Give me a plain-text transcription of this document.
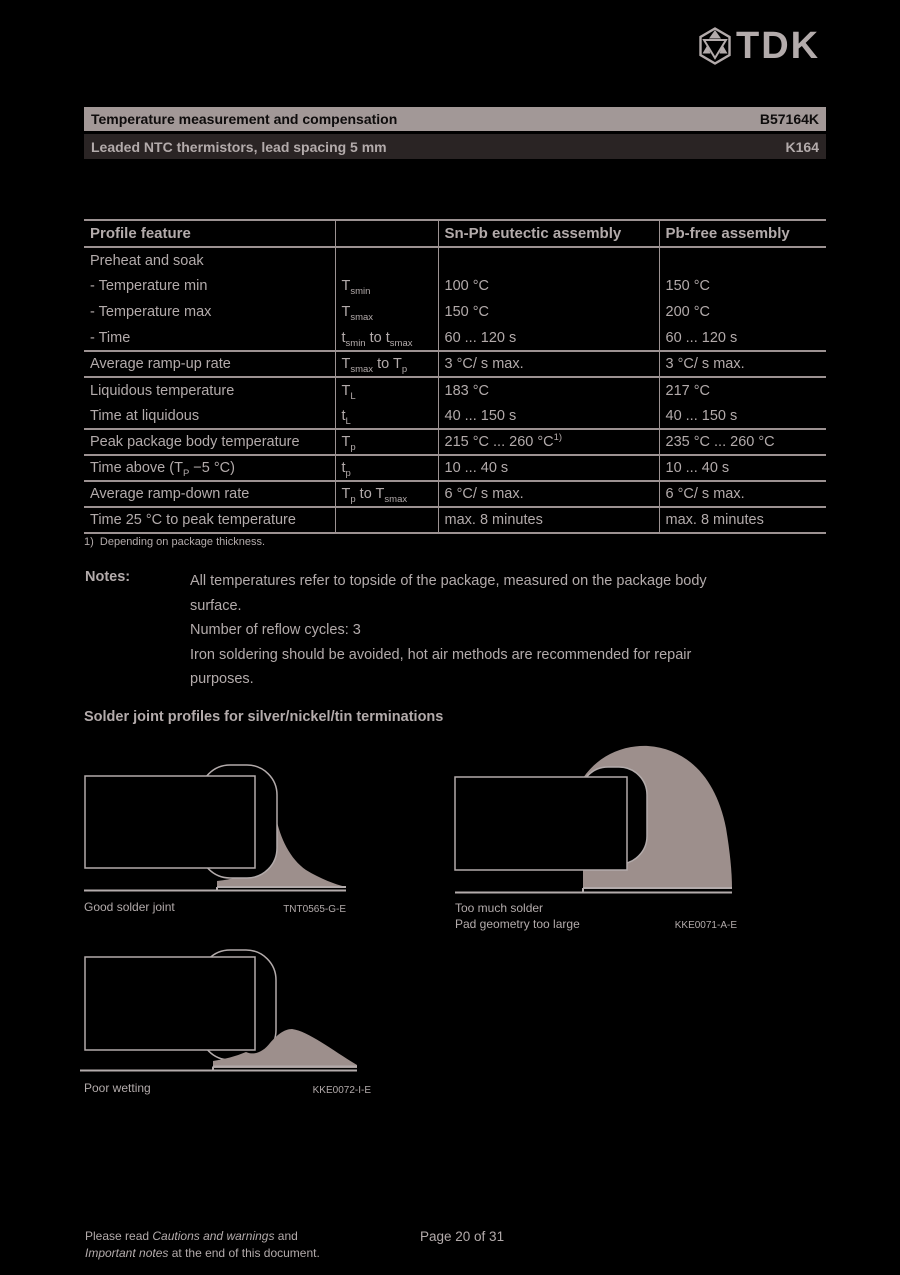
TDK
Temperature measurement and compensation	B57164K
Leaded NTC thermistors, lead spacing 5 mm	K164
Profile feature		Sn-Pb eutectic assembly	Pb-free assembly
Preheat and soak			
- Temperature min	$T_{smin}$	100 °C	150 °C
- Temperature max	$T_{smax}$	150 °C	200 °C
- Time	$t_{smin}$ to $t_{smax}$	60 ... 120 s	60 ... 120 s
Average ramp-up rate	$T_{smax}$ to $T_p$	3 °C/ s max.	3 °C/ s max.
Liquidous temperature	$T_L$	183 °C	217 °C
Time at liquidous	$t_L$	40 ... 150 s	40 ... 150 s
Peak package body temperature	$T_p$	215 °C ... 260 $^\circ C^{1)}$	235 °C ... 260 °C
Time above ($T_P -5$ °C)	$t_p$	10 ... 40 s	10 ... 40 s
Average ramp-down rate	$T_p$ to $T_{smax}$	6 °C/ s max.	6 °C/ s max.
Time 25 °C to peak temperature		max. 8 minutes	max. 8 minutes
1)  Depending on package thickness.
Notes:	All temperatures refer to topside of the package, measured on the package body
surface.
Number of reflow cycles: 3
Iron soldering should be avoided, hot air methods are recommended for repair
purposes.
Solder joint profiles for silver/nickel/tin terminations
Good solder joint	TNT0565-G-E	Too much solder
Pad geometry too large	KKE0071-A-E
Poor wetting	KKE0072-I-E
Please read Cautions and warnings and
Important notes at the end of this document.
Page 20 of 31
